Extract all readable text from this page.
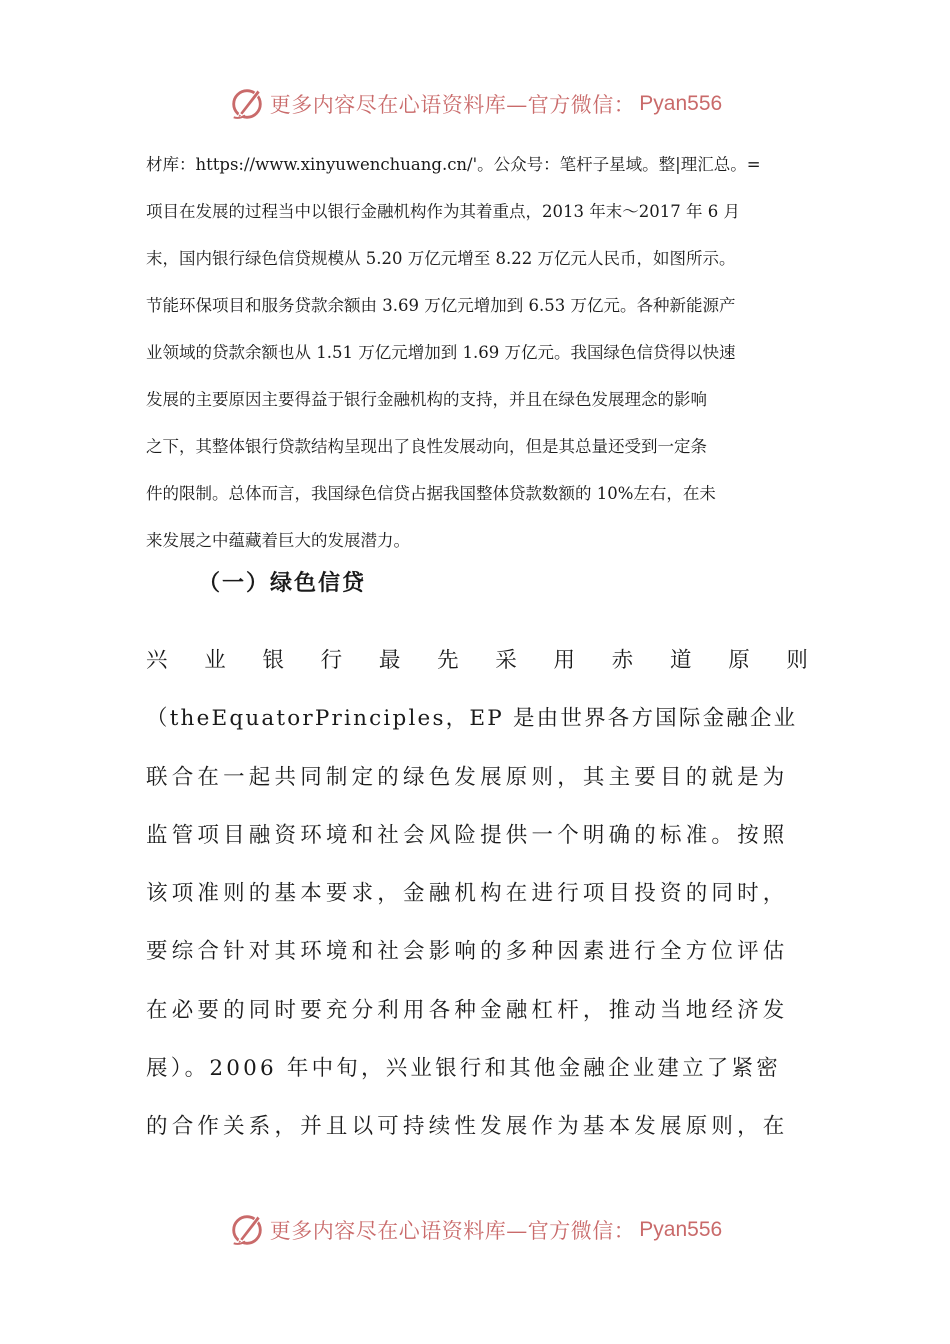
更多内容尽在心语资料库—官方微信： Pyan556
材库：https://www.xinyuwenchuang.cn/'。公众号：笔杆子星域。整|理汇总。=
项目在发展的过程当中以银行金融机构作为其着重点，2013 年末～2017 年 6 月
末，国内银行绿色信贷规模从 5.20 万亿元增至 8.22 万亿元人民币，如图所示。
节能环保项目和服务贷款余额由 3.69 万亿元增加到 6.53 万亿元。各种新能源产
业领域的贷款余额也从 1.51 万亿元增加到 1.69 万亿元。我国绿色信贷得以快速
发展的主要原因主要得益于银行金融机构的支持，并且在绿色发展理念的影响
之下，其整体银行贷款结构呈现出了良性发展动向，但是其总量还受到一定条
件的限制。总体而言，我国绿色信贷占据我国整体贷款数额的 10%左右，在未
来发展之中蕴藏着巨大的发展潜力。
（一）绿色信贷
兴 业 银 行 最 先 采 用 赤 道 原 则
（theEquatorPrinciples，EP 是由世界各方国际金融企业
联合在一起共同制定的绿色发展原则，其主要目的就是为
监管项目融资环境和社会风险提供一个明确的标准。按照
该项准则的基本要求，金融机构在进行项目投资的同时，
要综合针对其环境和社会影响的多种因素进行全方位评估
在必要的同时要充分利用各种金融杠杆，推动当地经济发
展）。2006 年中旬，兴业银行和其他金融企业建立了紧密
的合作关系，并且以可持续性发展作为基本发展原则，在
更多内容尽在心语资料库—官方微信： Pyan556
